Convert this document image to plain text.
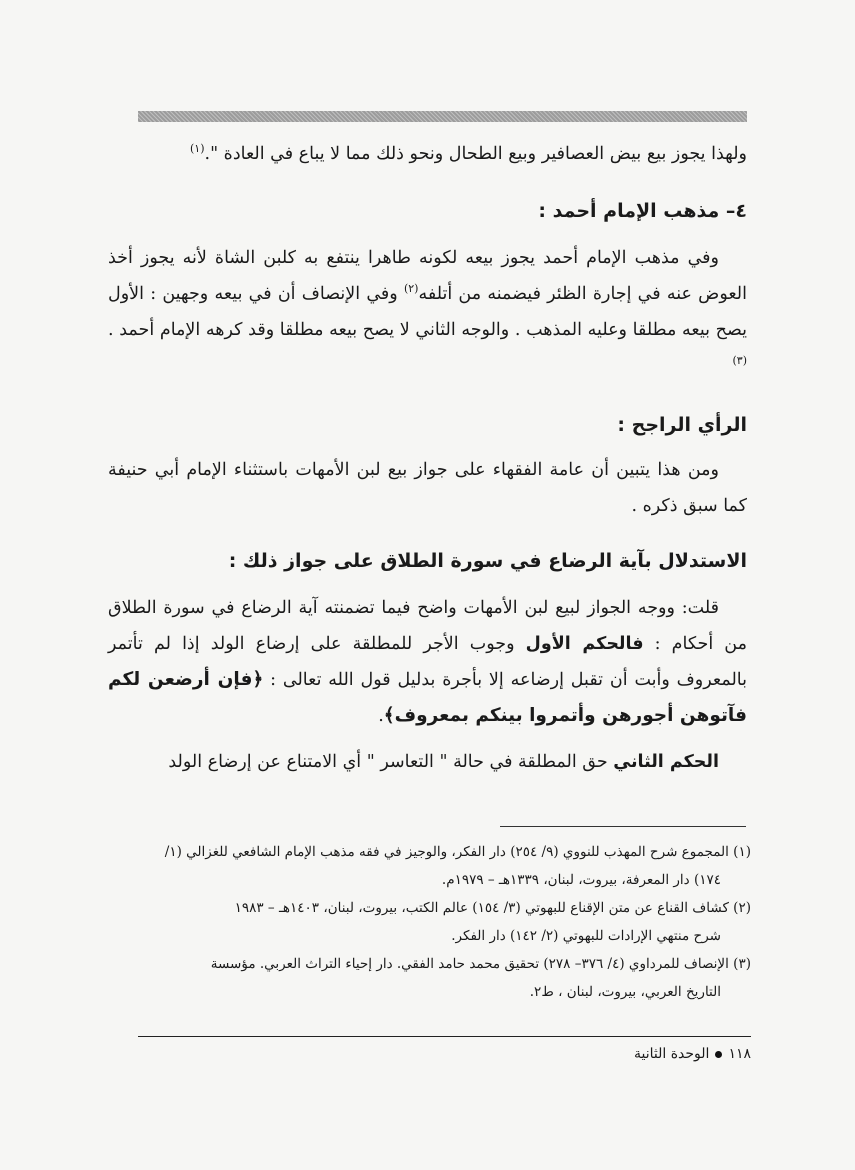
ولهذا يجوز بيع بيض العصافير وبيع الطحال ونحو ذلك مما لا يباع في العادة ".$^{(١)}$

٤– مذهب الإمام أحمد :

وفي مذهب الإمام أحمد يجوز بيعه لكونه طاهرا ينتفع به كلبن الشاة لأنه يجوز أخذ العوض عنه في إجارة الظئر فيضمنه من أتلفه$^{(٢)}$ وفي الإنصاف أن في بيعه وجهين : الأول يصح بيعه مطلقا وعليه المذهب . والوجه الثاني لا يصح بيعه مطلقا وقد كرهه الإمام أحمد .$^{(٣)}$

الرأي الراجح :

ومن هذا يتبين أن عامة الفقهاء على جواز بيع لبن الأمهات باستثناء الإمام أبي حنيفة كما سبق ذكره .

الاستدلال بآية الرضاع في سورة الطلاق على جواز ذلك :

قلت: ووجه الجواز لبيع لبن الأمهات واضح فيما تضمنته آية الرضاع في سورة الطلاق من أحكام : فالحكم الأول وجوب الأجر للمطلقة على إرضاع الولد إذا لم تأتمر بالمعروف وأبت أن تقبل إرضاعه إلا بأجرة بدليل قول الله تعالى : ﴿فإن أرضعن لكم فآتوهن أجورهن وأتمروا بينكم بمعروف﴾.

الحكم الثاني حق المطلقة في حالة " التعاسر " أي الامتناع عن إرضاع الولد

(١) المجموع شرح المهذب للنووي (٩/ ٢٥٤) دار الفكر، والوجيز في فقه مذهب الإمام الشافعي للغزالي (١/

١٧٤) دار المعرفة، بيروت، لبنان، ١٣٣٩هـ – ١٩٧٩م.

(٢) كشاف القناع عن متن الإقناع للبهوتي (٣/ ١٥٤) عالم الكتب، بيروت، لبنان، ١٤٠٣هـ – ١٩٨٣

شرح منتهي الإرادات للبهوتي (٢/ ١٤٢) دار الفكر.

(٣) الإنصاف للمرداوي (٤/ ٣٧٦– ٢٧٨) تحقيق محمد حامد الفقي. دار إحياء التراث العربي. مؤسسة

التاريخ العربي، بيروت، لبنان ، ط٢.

١١٨
الوحدة الثانية
